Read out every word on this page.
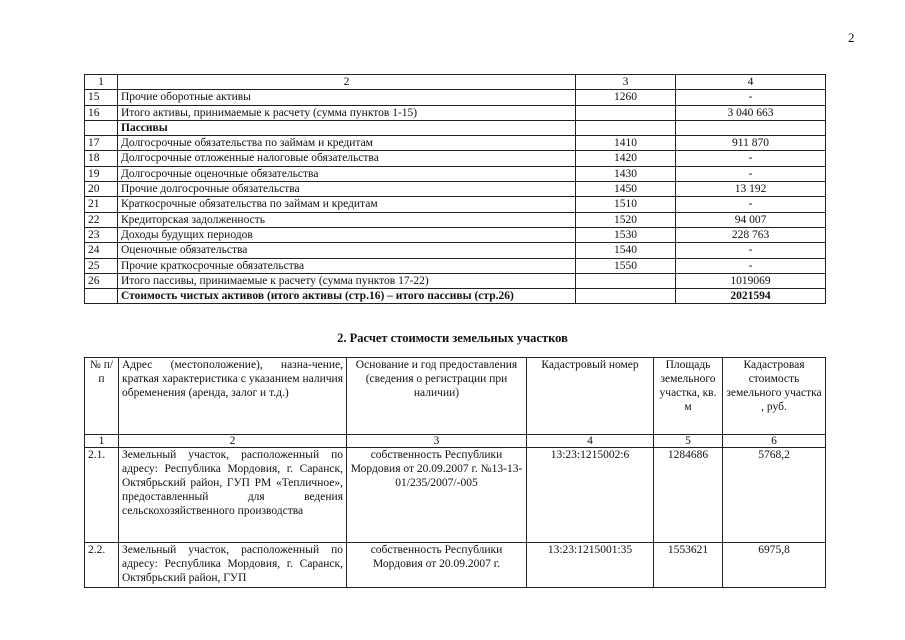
2
1	2	3	4
15	Прочие оборотные активы	1260	-
16	Итого активы, принимаемые к расчету (сумма пунктов 1-15)		3 040 663
	Пассивы		
17	Долгосрочные обязательства по займам и кредитам	1410	911 870
18	Долгосрочные отложенные налоговые обязательства	1420	-
19	Долгосрочные оценочные обязательства	1430	-
20	Прочие долгосрочные обязательства	1450	13 192
21	Краткосрочные обязательства по займам и кредитам	1510	-
22	Кредиторская задолженность	1520	94 007
23	Доходы будущих периодов	1530	228 763
24	Оценочные обязательства	1540	-
25	Прочие краткосрочные обязательства	1550	-
26	Итого пассивы, принимаемые к расчету (сумма пунктов 17-22)		1019069
	Стоимость чистых активов (итого активы (стр.16) – итого пассивы (стр.26)		2021594
2. Расчет стоимости земельных участков
№ п/п	Адрес (местоположение), назна-чение, краткая характеристика с указанием наличия обременения (аренда, залог и т.д.)	Основание и год предоставления (сведения о регистрации при наличии)	Кадастровый номер	Площадь земельного участка, кв. м	Кадастровая стоимость земельного участка , руб.
1	2	3	4	5	6
2.1.	Земельный участок, расположенный по адресу: Республика Мордовия, г. Саранск, Октябрьский район, ГУП РМ «Тепличное», предоставленный для ведения сельскохозяйственного производства	собственность Республики Мордовия от 20.09.2007 г. №13-13-01/235/2007/-005	13:23:1215002:6	1284686	5768,2
2.2.	Земельный участок, расположенный по адресу: Республика Мордовия, г. Саранск, Октябрьский район, ГУП	собственность Республики Мордовия от 20.09.2007 г.	13:23:1215001:35	1553621	6975,8
